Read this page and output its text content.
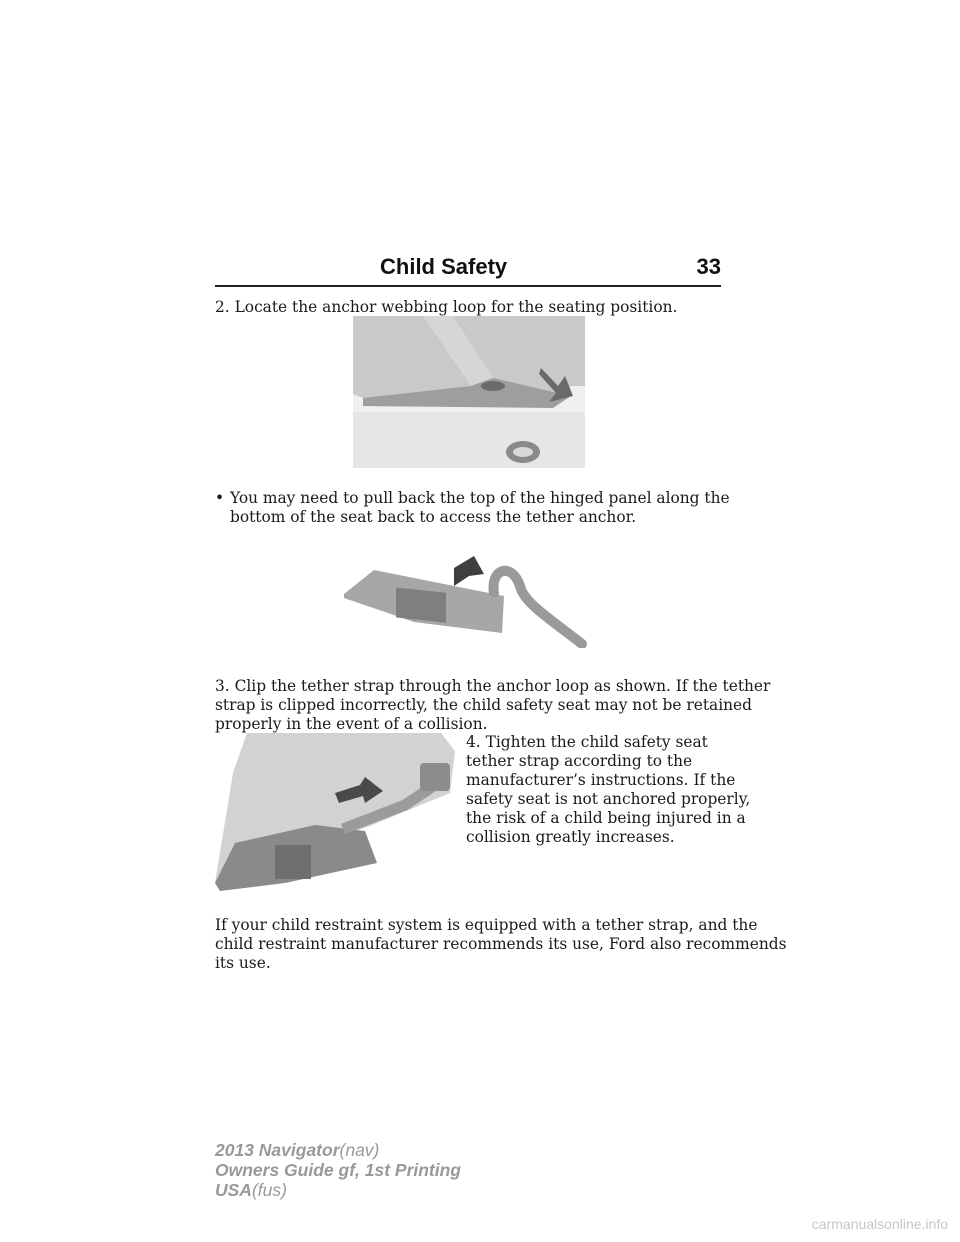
Child Safety	33
2. Locate the anchor webbing loop for the seating position.
• You may need to pull back the top of the hinged panel along the
bottom of the seat back to access the tether anchor.
3. Clip the tether strap through the anchor loop as shown. If the tether
strap is clipped incorrectly, the child safety seat may not be retained
properly in the event of a collision.
4. Tighten the child safety seat
tether strap according to the
manufacturer’s instructions. If the
safety seat is not anchored properly,
the risk of a child being injured in a
collision greatly increases.
If your child restraint system is equipped with a tether strap, and the
child restraint manufacturer recommends its use, Ford also recommends
its use.
2013 Navigator(nav)
Owners Guide gf, 1st Printing
USA(fus)
carmanualsonline.info
